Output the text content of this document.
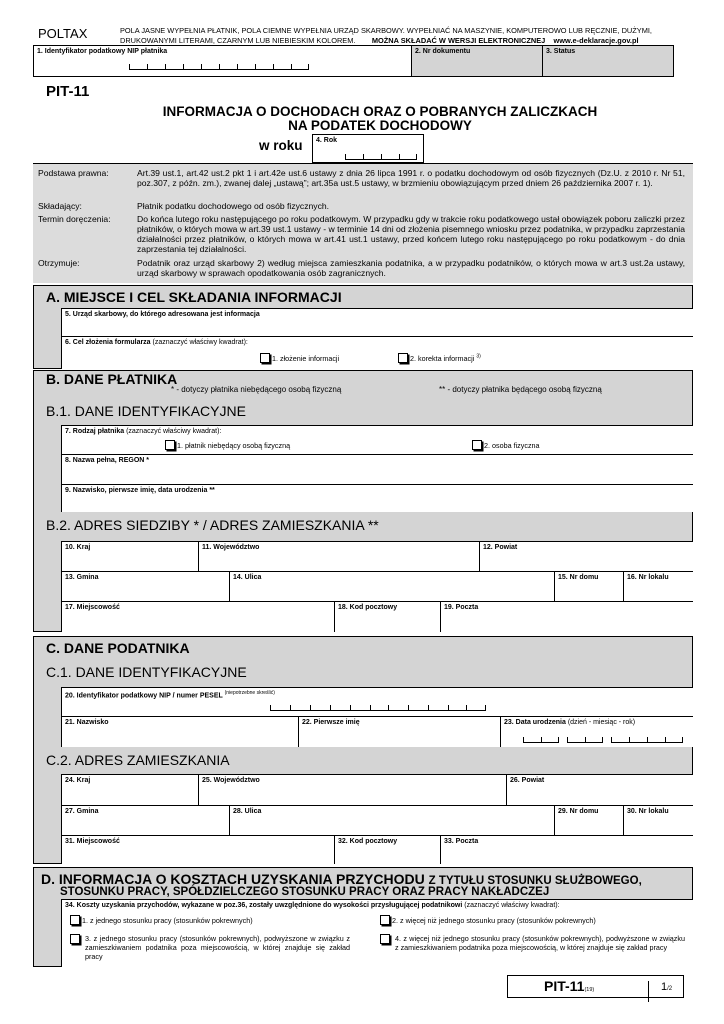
POLTAX	POLA JASNE WYPEŁNIA PŁATNIK, POLA CIEMNE WYPEŁNIA URZĄD SKARBOWY. WYPEŁNIAĆ NA MASZYNIE, KOMPUTEROWO LUB RĘCZNIE, DUŻYMI,
DRUKOWANYMI LITERAMI, CZARNYM LUB NIEBIESKIM KOLOREM. MOŻNA SKŁADAĆ W WERSJI ELEKTRONICZNEJ www.e-deklaracje.gov.pl
1. Identyfikator podatkowy NIP płatnika	2. Nr dokumentu	3. Status
PIT-11
INFORMACJA O DOCHODACH ORAZ O POBRANYCH ZALICZKACH
NA PODATEK DOCHODOWY
w roku 4. Rok
Podstawa prawna:	Art.39 ust.1, art.42 ust.2 pkt 1 i art.42e ust.6 ustawy z dnia 26 lipca 1991 r. o podatku dochodowym od osób fizycznych (Dz.U. z 2010 r. Nr 51, poz.307, z późn. zm.), zwanej dalej „ustawą”; art.35a ust.5 ustawy, w brzmieniu obowiązującym przed dniem 26 października 2007 r. 1).
Składający:	Płatnik podatku dochodowego od osób fizycznych.
Termin doręczenia:	Do końca lutego roku następującego po roku podatkowym. W przypadku gdy w trakcie roku podatkowego ustał obowiązek poboru zaliczki przez płatników, o których mowa w art.39 ust.1 ustawy - w terminie 14 dni od złożenia pisemnego wniosku przez podatnika, w przypadku zaprzestania działalności przez płatników, o których mowa w art.41 ust.1 ustawy, przed końcem lutego roku następującego po roku podatkowym - do dnia zaprzestania tej działalności.
Otrzymuje:	Podatnik oraz urząd skarbowy 2) według miejsca zamieszkania podatnika, a w przypadku podatników, o których mowa w art.3 ust.2a ustawy, urząd skarbowy w sprawach opodatkowania osób zagranicznych.
A. MIEJSCE I CEL SKŁADANIA INFORMACJI
5. Urząd skarbowy, do którego adresowana jest informacja
6. Cel złożenia formularza (zaznaczyć właściwy kwadrat):
1. złożenie informacji	2. korekta informacji $^{3)}$
B. DANE PŁATNIKA
* - dotyczy płatnika niebędącego osobą fizyczną	** - dotyczy płatnika będącego osobą fizyczną
B.1. DANE IDENTYFIKACYJNE
7. Rodzaj płatnika (zaznaczyć właściwy kwadrat):
1. płatnik niebędący osobą fizyczną	2. osoba fizyczna
8. Nazwa pełna, REGON *
9. Nazwisko, pierwsze imię, data urodzenia **
B.2. ADRES SIEDZIBY * / ADRES ZAMIESZKANIA **
10. Kraj	11. Województwo	12. Powiat
13. Gmina	14. Ulica	15. Nr domu	16. Nr lokalu
17. Miejscowość	18. Kod pocztowy	19. Poczta
C. DANE PODATNIKA
C.1. DANE IDENTYFIKACYJNE
20. Identyfikator podatkowy NIP / numer PESEL $^{(niepotrzebne skreślić)}$
21. Nazwisko	22. Pierwsze imię	23. Data urodzenia (dzień - miesiąc - rok)
C.2. ADRES ZAMIESZKANIA
24. Kraj	25. Województwo	26. Powiat
27. Gmina	28. Ulica	29. Nr domu	30. Nr lokalu
31. Miejscowość	32. Kod pocztowy	33. Poczta
D. INFORMACJA O KOSZTACH UZYSKANIA PRZYCHODU Z TYTUŁU STOSUNKU SŁUŻBOWEGO,
STOSUNKU PRACY, SPÓŁDZIELCZEGO STOSUNKU PRACY ORAZ PRACY NAKŁADCZEJ
34. Koszty uzyskania przychodów, wykazane w poz.36, zostały uwzględnione do wysokości przysługującej podatnikowi (zaznaczyć właściwy kwadrat):
1. z jednego stosunku pracy (stosunków pokrewnych)	2. z więcej niż jednego stosunku pracy (stosunków pokrewnych)
3. z jednego stosunku pracy (stosunków pokrewnych), podwyższone w związku z zamieszkiwaniem podatnika poza miejscowością, w której znajduje się zakład pracy
4. z więcej niż jednego stosunku pracy (stosunków pokrewnych), podwyższone w związku z zamieszkiwaniem podatnika poza miejscowością, w której znajduje się zakład pracy
PIT-11(19)	1/2
